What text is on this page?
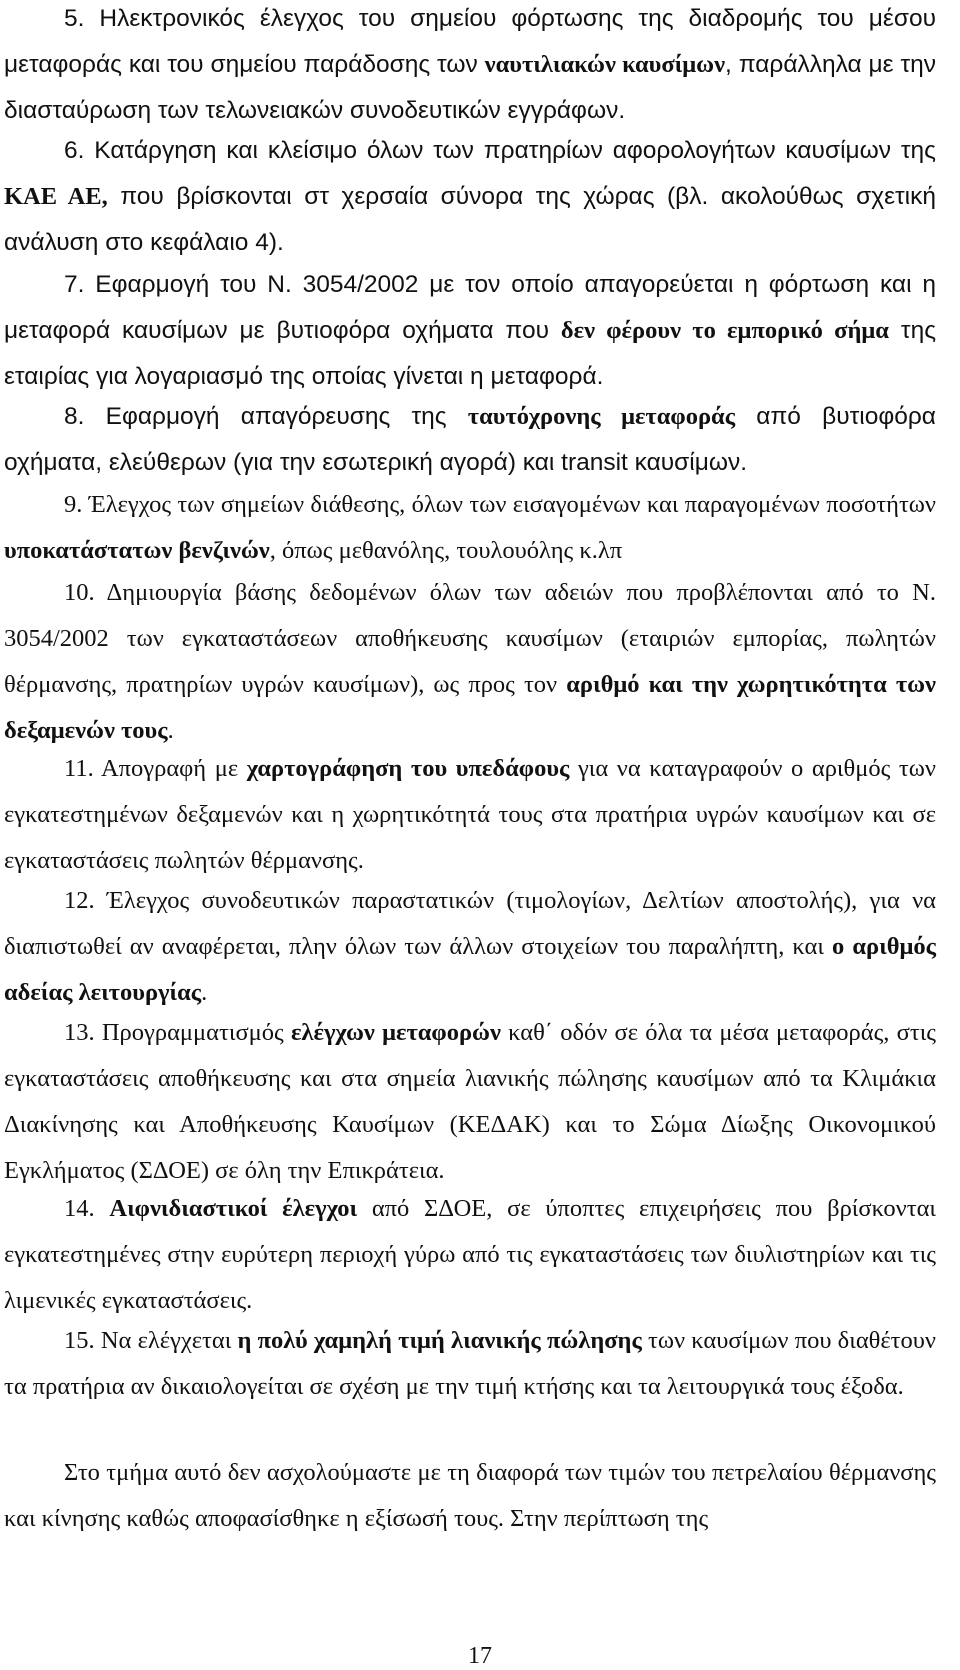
5. Ηλεκτρονικός έλεγχος του σημείου φόρτωσης της διαδρομής του μέσου μεταφοράς και του σημείου παράδοσης των ναυτιλιακών καυσίμων, παράλληλα με την διασταύρωση των τελωνειακών συνοδευτικών εγγράφων.

6. Κατάργηση και κλείσιμο όλων των πρατηρίων αφορολογήτων καυσίμων της ΚΑΕ ΑΕ, που βρίσκονται στ χερσαία σύνορα της χώρας (βλ. ακολούθως σχετική ανάλυση στο κεφάλαιο 4).

7. Εφαρμογή του Ν. 3054/2002 με τον οποίο απαγορεύεται η φόρτωση και η μεταφορά καυσίμων με βυτιοφόρα οχήματα που δεν φέρουν το εμπορικό σήμα της εταιρίας για λογαριασμό της οποίας γίνεται η μεταφορά.

8. Εφαρμογή απαγόρευσης της ταυτόχρονης μεταφοράς από βυτιοφόρα οχήματα, ελεύθερων (για την εσωτερική αγορά) και transit καυσίμων.

9. Έλεγχος των σημείων διάθεσης, όλων των εισαγομένων και παραγομένων ποσοτήτων υποκατάστατων βενζινών, όπως μεθανόλης, τουλουόλης κ.λπ

10. Δημιουργία βάσης δεδομένων όλων των αδειών που προβλέπονται από το Ν. 3054/2002 των εγκαταστάσεων αποθήκευσης καυσίμων (εταιριών εμπορίας, πωλητών θέρμανσης, πρατηρίων υγρών καυσίμων), ως προς τον αριθμό και την χωρητικότητα των δεξαμενών τους.

11. Απογραφή με χαρτογράφηση του υπεδάφους για να καταγραφούν ο αριθμός των εγκατεστημένων δεξαμενών και η χωρητικότητά τους στα πρατήρια υγρών καυσίμων και σε εγκαταστάσεις πωλητών θέρμανσης.

12. Έλεγχος συνοδευτικών παραστατικών (τιμολογίων, Δελτίων αποστολής), για να διαπιστωθεί αν αναφέρεται, πλην όλων των άλλων στοιχείων του παραλήπτη, και ο αριθμός αδείας λειτουργίας.

13. Προγραμματισμός ελέγχων μεταφορών καθ΄ οδόν σε όλα τα μέσα μεταφοράς, στις εγκαταστάσεις αποθήκευσης και στα σημεία λιανικής πώλησης καυσίμων από τα Κλιμάκια Διακίνησης και Αποθήκευσης Καυσίμων (ΚΕΔΑΚ) και το Σώμα Δίωξης Οικονομικού Εγκλήματος (ΣΔΟΕ) σε όλη την Επικράτεια.

14. Αιφνιδιαστικοί έλεγχοι από ΣΔΟΕ, σε ύποπτες επιχειρήσεις που βρίσκονται εγκατεστημένες στην ευρύτερη περιοχή γύρω από τις εγκαταστάσεις των διυλιστηρίων και τις λιμενικές εγκαταστάσεις.

15. Να ελέγχεται η πολύ χαμηλή τιμή λιανικής πώλησης των καυσίμων που διαθέτουν τα πρατήρια αν δικαιολογείται σε σχέση με την τιμή κτήσης και τα λειτουργικά τους έξοδα.

Στο τμήμα αυτό δεν ασχολούμαστε με τη διαφορά των τιμών του πετρελαίου θέρμανσης και κίνησης καθώς αποφασίσθηκε η εξίσωσή τους. Στην περίπτωση της

17
